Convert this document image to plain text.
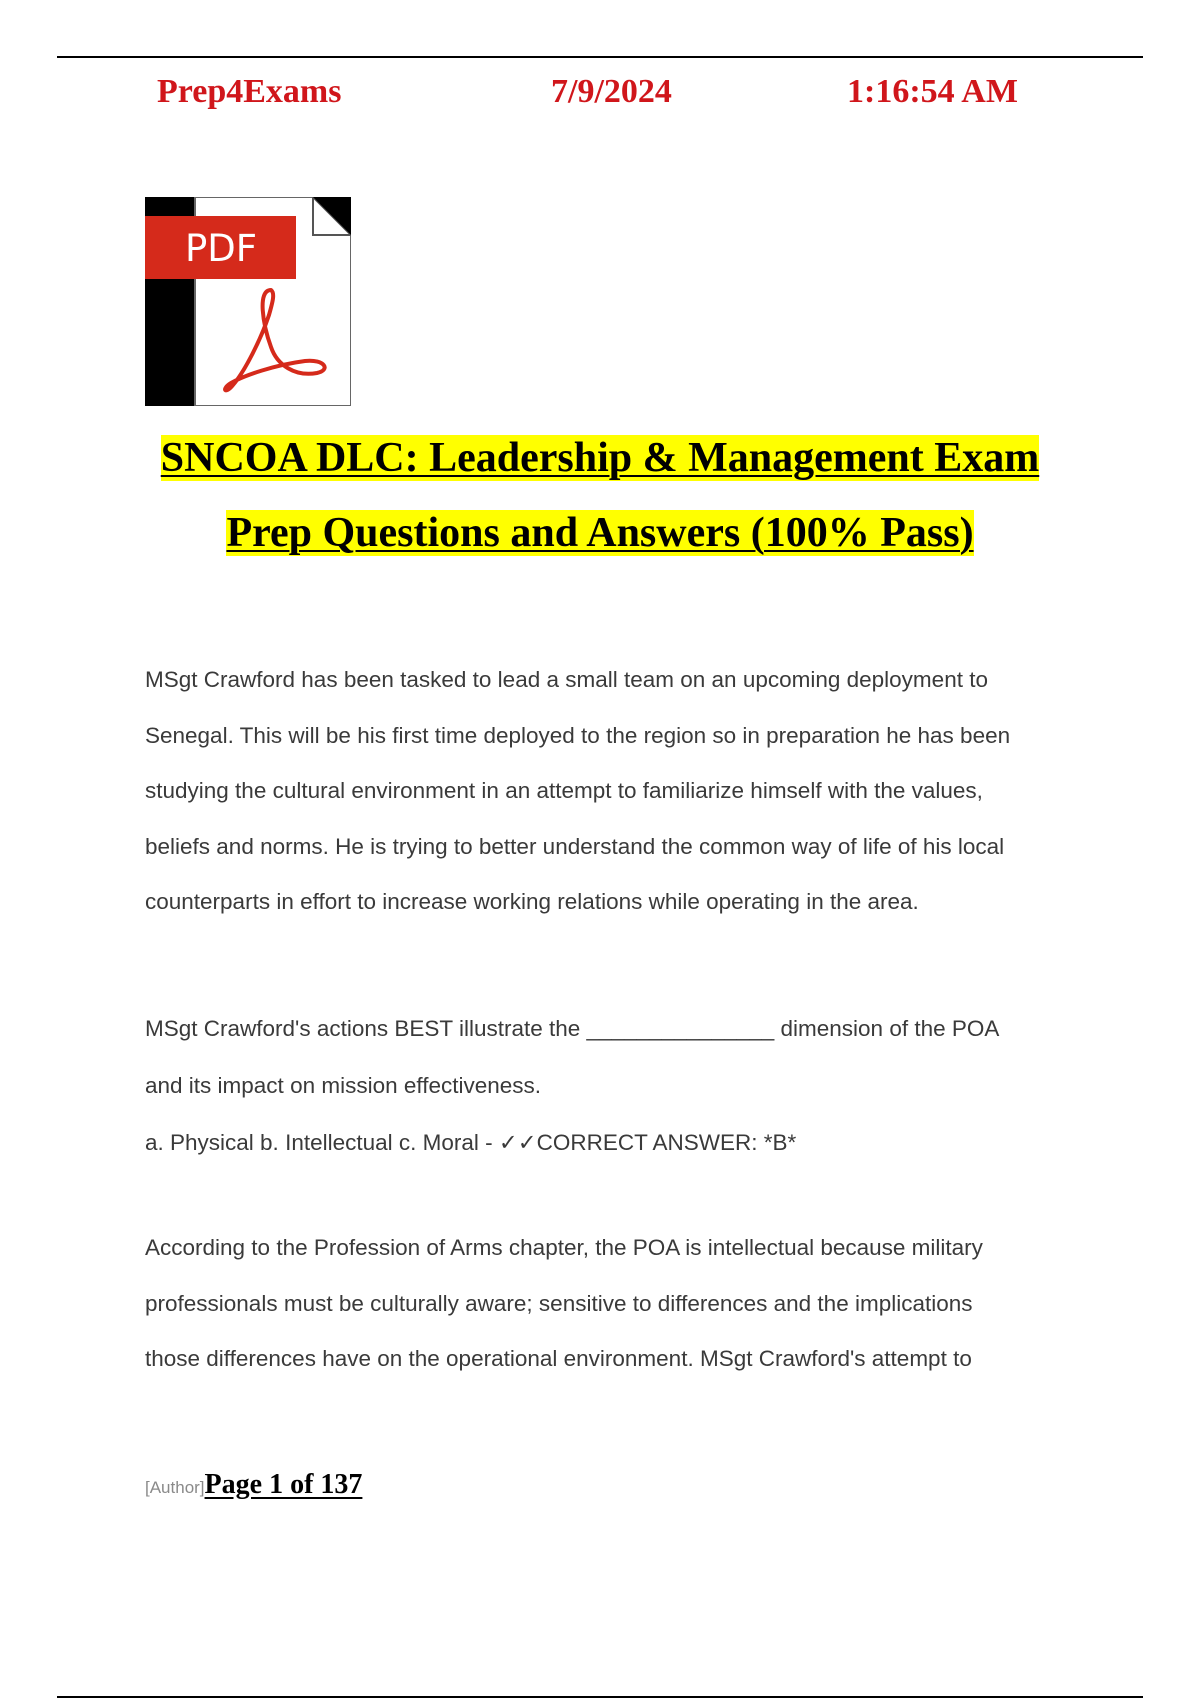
Prep4Exams	7/9/2024	1:16:54 AM
PDF
SNCOA DLC: Leadership & Management Exam
Prep Questions and Answers (100% Pass)
MSgt Crawford has been tasked to lead a small team on an upcoming deployment to
Senegal. This will be his first time deployed to the region so in preparation he has been
studying the cultural environment in an attempt to familiarize himself with the values,
beliefs and norms. He is trying to better understand the common way of life of his local
counterparts in effort to increase working relations while operating in the area.
MSgt Crawford's actions BEST illustrate the _______________ dimension of the POA
and its impact on mission effectiveness.
a. Physical b. Intellectual c. Moral - ✓✓CORRECT ANSWER: *B*
According to the Profession of Arms chapter, the POA is intellectual because military
professionals must be culturally aware; sensitive to differences and the implications
those differences have on the operational environment. MSgt Crawford's attempt to
[Author]Page 1 of 137
